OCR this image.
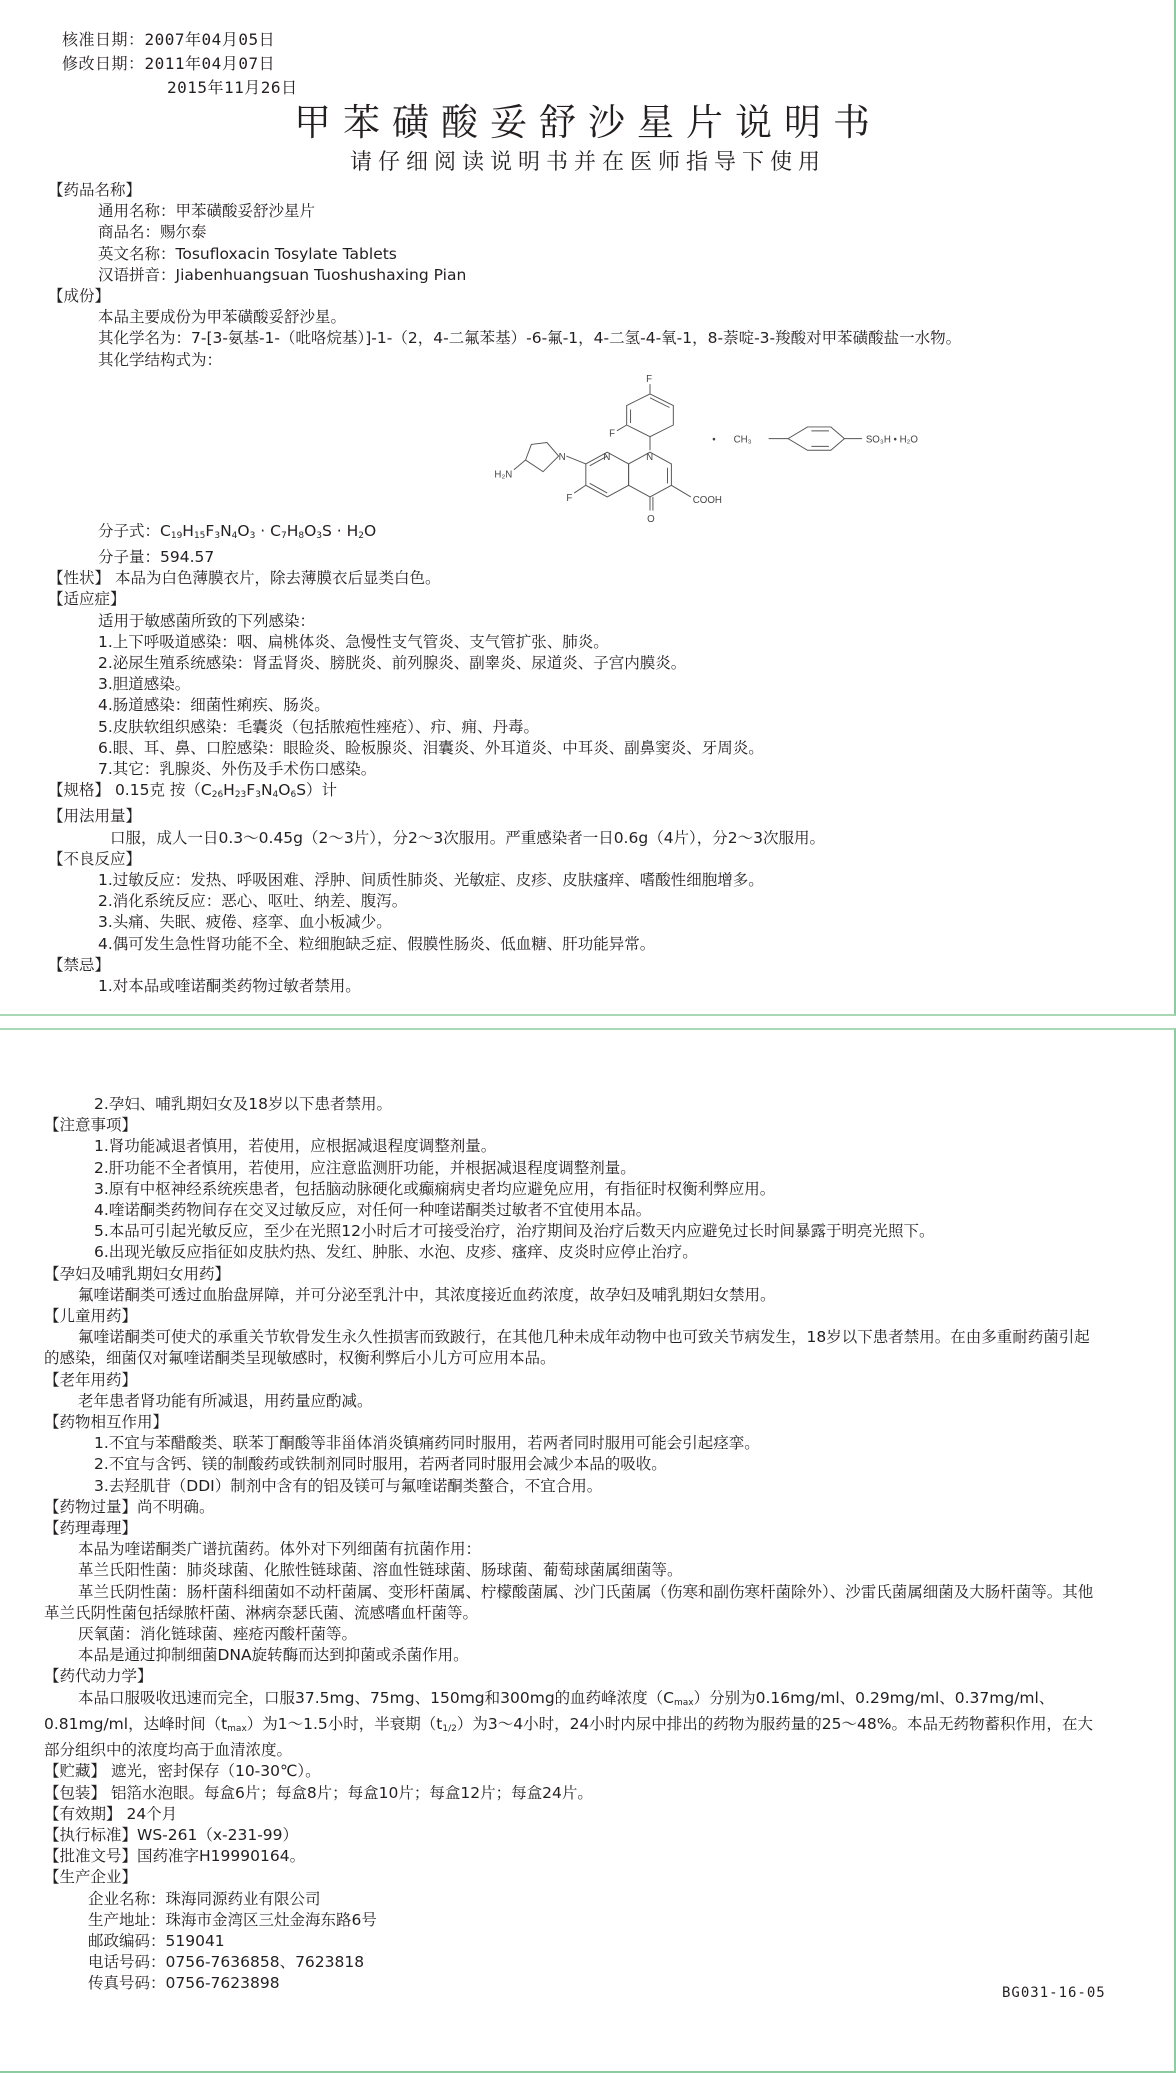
核准日期：2007年04月05日
修改日期：2011年04月07日
2015年11月26日
甲苯磺酸妥舒沙星片说明书
请仔细阅读说明书并在医师指导下使用
【药品名称】
通用名称：甲苯磺酸妥舒沙星片
商品名：赐尔泰
英文名称：Tosufloxacin Tosylate Tablets
汉语拼音：Jiabenhuangsuan Tuoshushaxing Pian
【成份】
本品主要成份为甲苯磺酸妥舒沙星。
其化学名为：7-[3-氨基-1-（吡咯烷基）]-1-（2，4-二氟苯基）-6-氟-1，4-二氢-4-氧-1，8-萘啶-3-羧酸对甲苯磺酸盐一水物。
其化学结构式为：
分子式：$C_{19}H_{15}F_3N_4O_3 \cdot C_7H_8O_3S \cdot H_2O$
分子量：594.57
【性状】 本品为白色薄膜衣片，除去薄膜衣后显类白色。
【适应症】
适用于敏感菌所致的下列感染：
1.上下呼吸道感染：咽、扁桃体炎、急慢性支气管炎、支气管扩张、肺炎。
2.泌尿生殖系统感染：肾盂肾炎、膀胱炎、前列腺炎、副睾炎、尿道炎、子宫内膜炎。
3.胆道感染。
4.肠道感染：细菌性痢疾、肠炎。
5.皮肤软组织感染：毛囊炎（包括脓疱性痤疮）、疖、痈、丹毒。
6.眼、耳、鼻、口腔感染：眼睑炎、睑板腺炎、泪囊炎、外耳道炎、中耳炎、副鼻窦炎、牙周炎。
7.其它：乳腺炎、外伤及手术伤口感染。
【规格】 0.15克 按$(C_{26}H_{23}F_3N_4O_6S)$计
【用法用量】
口服，成人一日0.3～0.45g（2～3片），分2～3次服用。严重感染者一日0.6g（4片），分2～3次服用。
【不良反应】
1.过敏反应：发热、呼吸困难、浮肿、间质性肺炎、光敏症、皮疹、皮肤瘙痒、嗜酸性细胞增多。
2.消化系统反应：恶心、呕吐、纳差、腹泻。
3.头痛、失眠、疲倦、痉挛、血小板减少。
4.偶可发生急性肾功能不全、粒细胞缺乏症、假膜性肠炎、低血糖、肝功能异常。
【禁忌】
1.对本品或喹诺酮类药物过敏者禁用。
F
F
N
N
N
H₂N
F
O
COOH
• CH₃	SO₃H • H₂O
2.孕妇、哺乳期妇女及18岁以下患者禁用。
【注意事项】
1.肾功能减退者慎用，若使用，应根据减退程度调整剂量。
2.肝功能不全者慎用，若使用，应注意监测肝功能，并根据减退程度调整剂量。
3.原有中枢神经系统疾患者，包括脑动脉硬化或癫痫病史者均应避免应用，有指征时权衡利弊应用。
4.喹诺酮类药物间存在交叉过敏反应，对任何一种喹诺酮类过敏者不宜使用本品。
5.本品可引起光敏反应，至少在光照12小时后才可接受治疗，治疗期间及治疗后数天内应避免过长时间暴露于明亮光照下。
6.出现光敏反应指征如皮肤灼热、发红、肿胀、水泡、皮疹、瘙痒、皮炎时应停止治疗。
【孕妇及哺乳期妇女用药】
氟喹诺酮类可透过血胎盘屏障，并可分泌至乳汁中，其浓度接近血药浓度，故孕妇及哺乳期妇女禁用。
【儿童用药】
氟喹诺酮类可使犬的承重关节软骨发生永久性损害而致跛行，在其他几种未成年动物中也可致关节病发生，18岁以下患者禁用。在由多重耐药菌引起的感染，细菌仅对氟喹诺酮类呈现敏感时，权衡利弊后小儿方可应用本品。
【老年用药】
老年患者肾功能有所减退，用药量应酌减。
【药物相互作用】
1.不宜与苯醋酸类、联苯丁酮酸等非甾体消炎镇痛药同时服用，若两者同时服用可能会引起痉挛。
2.不宜与含钙、镁的制酸药或铁制剂同时服用，若两者同时服用会减少本品的吸收。
3.去羟肌苷（DDI）制剂中含有的铝及镁可与氟喹诺酮类螯合，不宜合用。
【药物过量】尚不明确。
【药理毒理】
本品为喹诺酮类广谱抗菌药。体外对下列细菌有抗菌作用：
革兰氏阳性菌：肺炎球菌、化脓性链球菌、溶血性链球菌、肠球菌、葡萄球菌属细菌等。
革兰氏阴性菌：肠杆菌科细菌如不动杆菌属、变形杆菌属、柠檬酸菌属、沙门氏菌属（伤寒和副伤寒杆菌除外）、沙雷氏菌属细菌及大肠杆菌等。其他革兰氏阴性菌包括绿脓杆菌、淋病奈瑟氏菌、流感嗜血杆菌等。
厌氧菌：消化链球菌、痤疮丙酸杆菌等。
本品是通过抑制细菌DNA旋转酶而达到抑菌或杀菌作用。
【药代动力学】
本品口服吸收迅速而完全，口服37.5mg、75mg、150mg和300mg的血药峰浓度$(C_{max})$分别为0.16mg/ml、0.29mg/ml、0.37mg/ml、0.81mg/ml，达峰时间$(t_{max})$为1～1.5小时，半衰期$(t_{1/2})$为3～4小时，24小时内尿中排出的药物为服药量的25～48%。本品无药物蓄积作用，在大部分组织中的浓度均高于血清浓度。
【贮藏】 遮光，密封保存（10-30℃）。
【包装】 铝箔水泡眼。每盒6片；每盒8片；每盒10片；每盒12片；每盒24片。
【有效期】 24个月
【执行标准】WS-261（x-231-99）
【批准文号】国药准字H19990164。
【生产企业】
企业名称：珠海同源药业有限公司
生产地址：珠海市金湾区三灶金海东路6号
邮政编码：519041
电话号码：0756-7636858、7623818
传真号码：0756-7623898
BG031-16-05
